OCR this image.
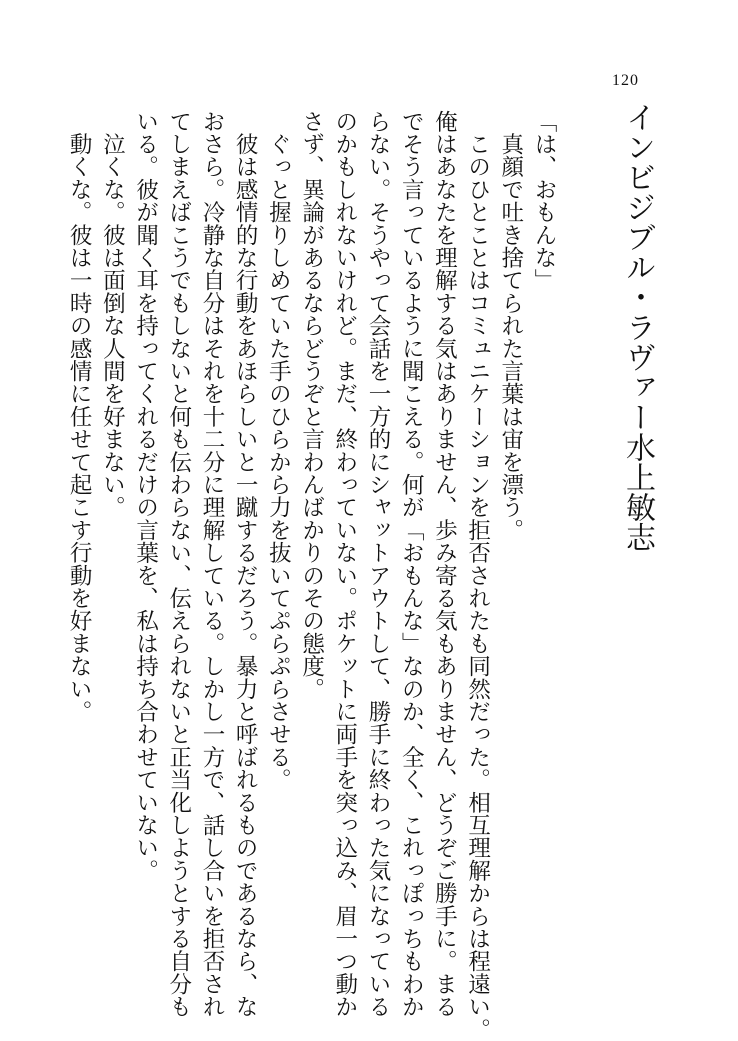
120
インビジブル・ラヴァー水上敏志

「は、おもんな」

　真顔で吐き捨てられた言葉は宙を漂う。

　このひとことはコミュニケーションを拒否されたも同然だった。相互理解からは程遠い。

俺はあなたを理解する気はありません、歩み寄る気もありません、どうぞご勝手に。まる

でそう言っているように聞こえる。何が「おもんな」なのか、全く、これっぽっちもわか

らない。そうやって会話を一方的にシャットアウトして、勝手に終わった気になっている

のかもしれないけれど。まだ、終わっていない。ポケットに両手を突っ込み、眉一つ動か

さず、異論があるならどうぞと言わんばかりのその態度。

　ぐっと握りしめていた手のひらから力を抜いてぷらぷらさせる。

　彼は感情的な行動をあほらしいと一蹴するだろう。暴力と呼ばれるものであるなら、な

おさら。冷静な自分はそれを十二分に理解している。しかし一方で、話し合いを拒否され

てしまえばこうでもしないと何も伝わらない、伝えられないと正当化しようとする自分も

いる。彼が聞く耳を持ってくれるだけの言葉を、私は持ち合わせていない。

　泣くな。彼は面倒な人間を好まない。

　動くな。彼は一時の感情に任せて起こす行動を好まない。
